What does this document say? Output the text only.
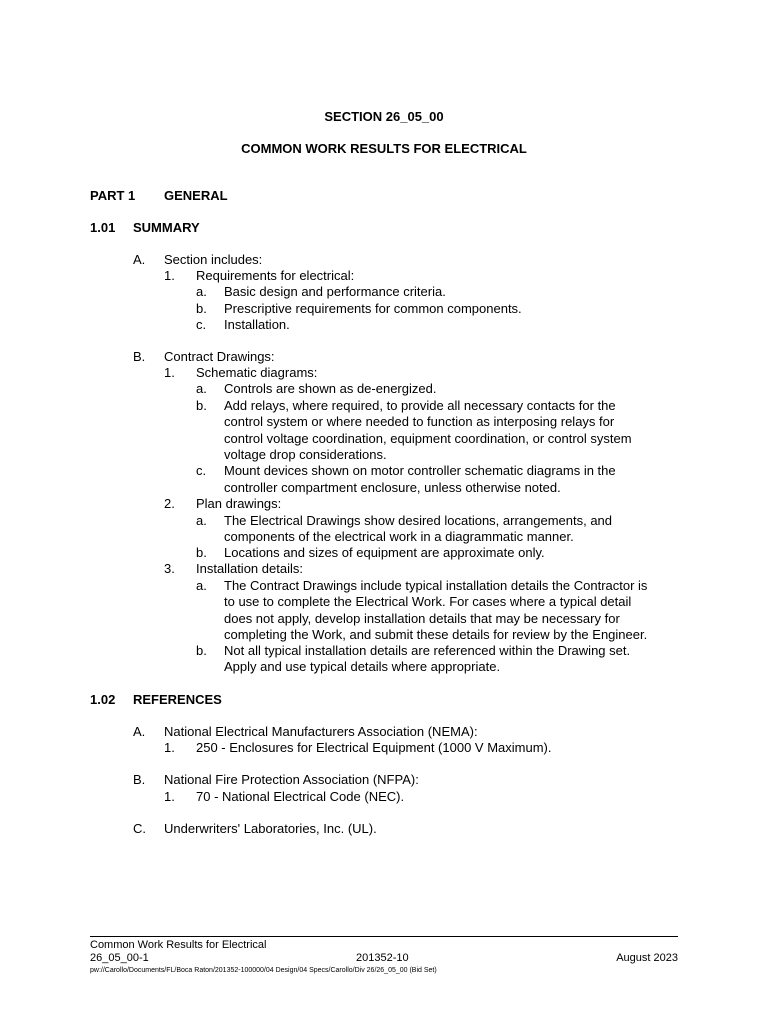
SECTION 26_05_00
COMMON WORK RESULTS FOR ELECTRICAL
PART 1 GENERAL
1.01 SUMMARY
A. Section includes:
1. Requirements for electrical:
a. Basic design and performance criteria.
b. Prescriptive requirements for common components.
c. Installation.
B. Contract Drawings:
1. Schematic diagrams:
a. Controls are shown as de-energized.
b. Add relays, where required, to provide all necessary contacts for the
control system or where needed to function as interposing relays for
control voltage coordination, equipment coordination, or control system
voltage drop considerations.
c. Mount devices shown on motor controller schematic diagrams in the
controller compartment enclosure, unless otherwise noted.
2. Plan drawings:
a. The Electrical Drawings show desired locations, arrangements, and
components of the electrical work in a diagrammatic manner.
b. Locations and sizes of equipment are approximate only.
3. Installation details:
a. The Contract Drawings include typical installation details the Contractor is
to use to complete the Electrical Work. For cases where a typical detail
does not apply, develop installation details that may be necessary for
completing the Work, and submit these details for review by the Engineer.
b. Not all typical installation details are referenced within the Drawing set.
Apply and use typical details where appropriate.
1.02 REFERENCES
A. National Electrical Manufacturers Association (NEMA):
1. 250 - Enclosures for Electrical Equipment (1000 V Maximum).
B. National Fire Protection Association (NFPA):
1. 70 - National Electrical Code (NEC).
C. Underwriters' Laboratories, Inc. (UL).
Common Work Results for Electrical
26_05_00-1	201352-10	August 2023
pw://Carollo/Documents/FL/Boca Raton/201352-100000/04 Design/04 Specs/Carollo/Div 26/26_05_00 (Bid Set)
